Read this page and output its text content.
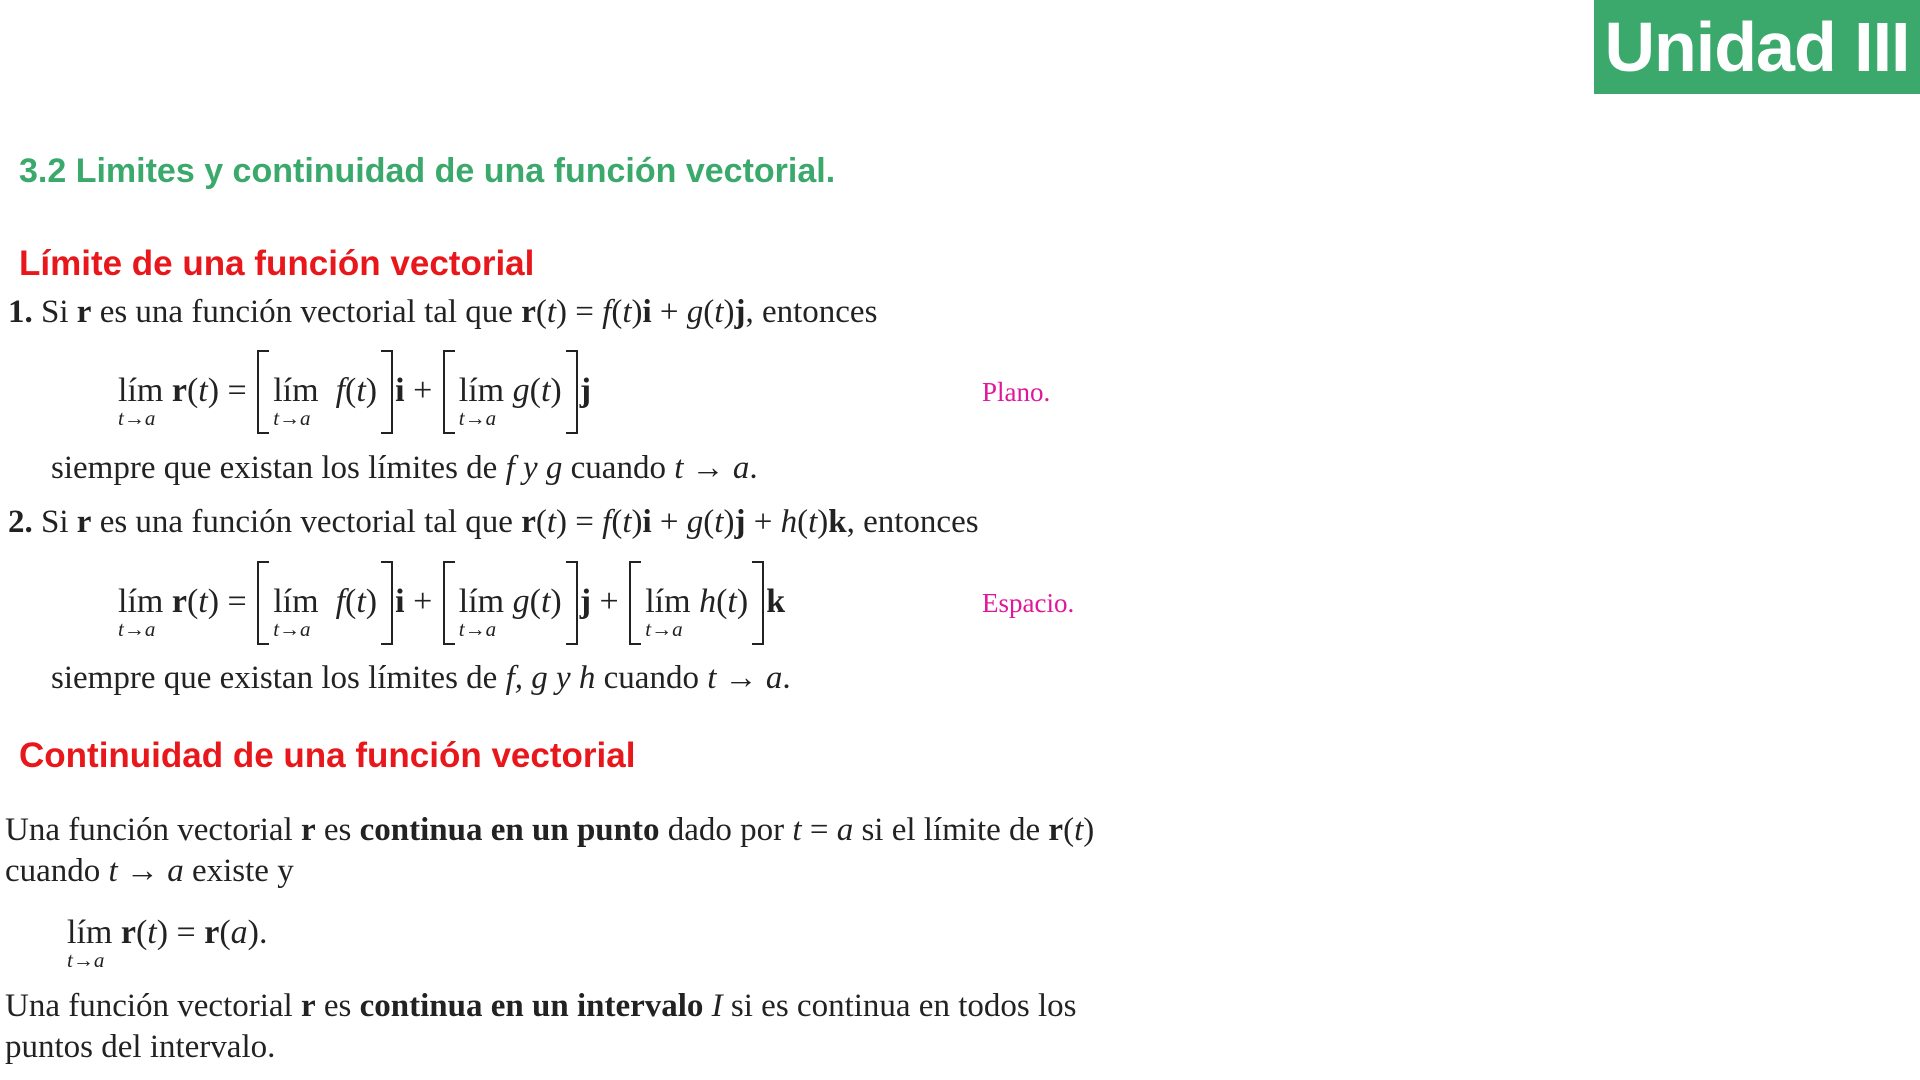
Unidad III
3.2 Limites y continuidad de una función vectorial.
Límite de una función vectorial
1. Si r es una función vectorial tal que r(t) = f(t)i + g(t)j, entonces
lím
t→a
r(t) =
lím
t→a
f(t)
i +
lím
t→a
g(t)
j	Plano.
siempre que existan los límites de f y g cuando t → a.
2. Si r es una función vectorial tal que r(t) = f(t)i + g(t)j + h(t)k, entonces
lím
t→a
r(t) =
lím
t→a
f(t)
i +
lím
t→a
g(t)
j +
lím
t→a
h(t)
k	Espacio.
siempre que existan los límites de f, g y h cuando t → a.
Continuidad de una función vectorial
Una función vectorial r es continua en un punto dado por t = a si el límite de r(t)
cuando t → a existe y
lím
t→a
r(t) = r(a).
Una función vectorial r es continua en un intervalo I si es continua en todos los
puntos del intervalo.
